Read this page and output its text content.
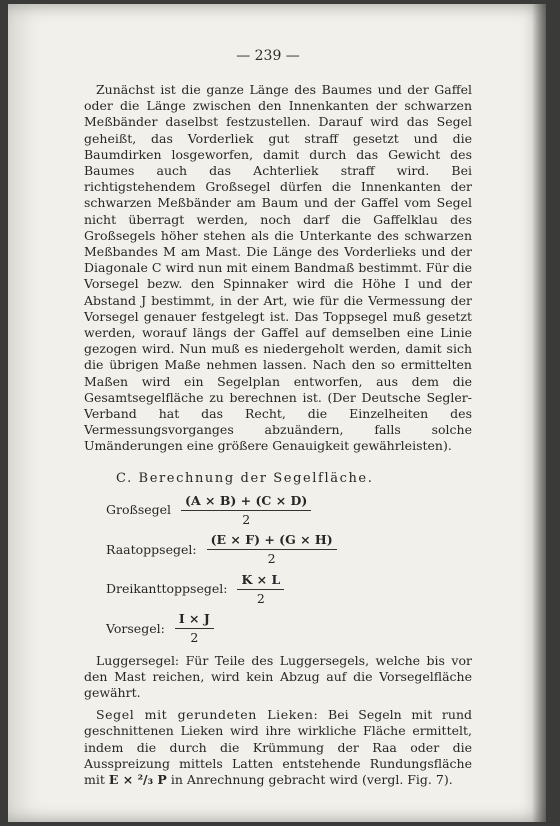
— 239 —

Zunächst ist die ganze Länge des Baumes und der Gaffel oder die Länge zwischen den Innenkanten der schwarzen Meßbänder daselbst festzustellen. Darauf wird das Segel geheißt, das Vorderliek gut straff gesetzt und die Baumdirken losgeworfen, damit durch das Gewicht des Baumes auch das Achterliek straff wird. Bei richtigstehendem Großsegel dürfen die Innenkanten der schwarzen Meßbänder am Baum und der Gaffel vom Segel nicht überragt werden, noch darf die Gaffelklau des Großsegels höher stehen als die Unterkante des schwarzen Meßbandes M am Mast. Die Länge des Vorderlieks und der Diagonale C wird nun mit einem Bandmaß bestimmt. Für die Vorsegel bezw. den Spinnaker wird die Höhe I und der Abstand J bestimmt, in der Art, wie für die Vermessung der Vorsegel genauer festgelegt ist. Das Toppsegel muß gesetzt werden, worauf längs der Gaffel auf demselben eine Linie gezogen wird. Nun muß es niedergeholt werden, damit sich die übrigen Maße nehmen lassen. Nach den so ermittelten Maßen wird ein Segelplan entworfen, aus dem die Gesamtsegelfläche zu berechnen ist. (Der Deutsche Segler-Verband hat das Recht, die Einzelheiten des Vermessungsvorganges abzuändern, falls solche Umänderungen eine größere Genauigkeit gewährleisten).

C. Berechnung der Segelfläche.
Großsegel $\frac{(A \times B) + (C \times D)}{2}$
Raatoppsegel: $\frac{(E \times F) + (G \times H)}{2}$
Dreikanttoppsegel: $\frac{K \times L}{2}$
Vorsegel: $\frac{I \times J}{2}$

Luggersegel: Für Teile des Luggersegels, welche bis vor den Mast reichen, wird kein Abzug auf die Vorsegelfläche gewährt.

Segel mit gerundeten Lieken: Bei Segeln mit rund geschnittenen Lieken wird ihre wirkliche Fläche ermittelt, indem die durch die Krümmung der Raa oder die Ausspreizung mittels Latten entstehende Rundungsfläche mit E × ²/₃ P in Anrechnung gebracht wird (vergl. Fig. 7).
